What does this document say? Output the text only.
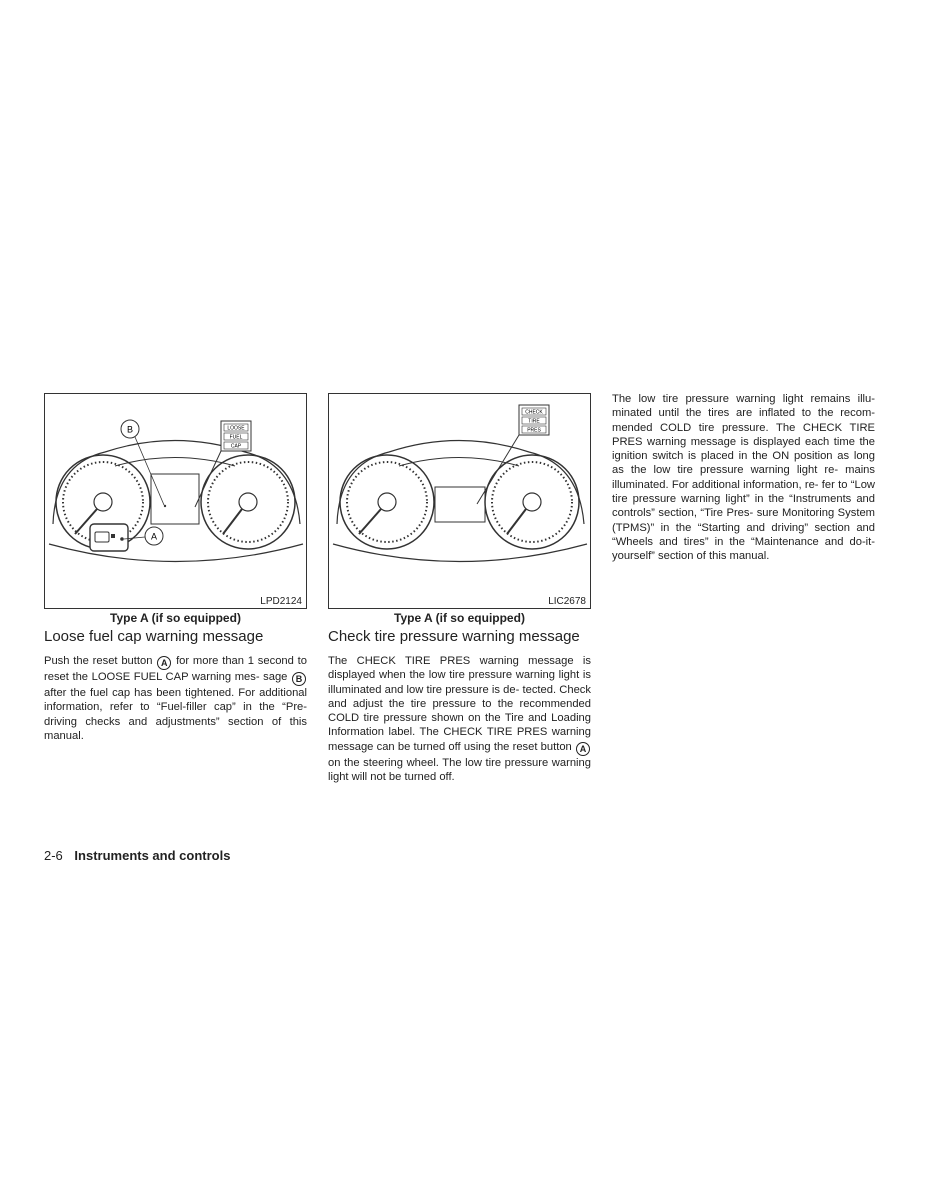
LOOSE
FUEL
CAP
B
A
LPD2124
Type A (if so equipped)
CHECK
TIRE
PRES
LIC2678
Type A (if so equipped)
Loose fuel cap warning message
Push the reset button A for more than 1 second to reset the LOOSE FUEL CAP warning mes- sage B after the fuel cap has been tightened. For additional information, refer to “Fuel-filler cap” in the “Pre-driving checks and adjustments” section of this manual.
Check tire pressure warning message
The CHECK TIRE PRES warning message is displayed when the low tire pressure warning light is illuminated and low tire pressure is de- tected. Check and adjust the tire pressure to the recommended COLD tire pressure shown on the Tire and Loading Information label. The CHECK TIRE PRES warning message can be turned off using the reset button A on the steering wheel. The low tire pressure warning light will not be turned off.
The low tire pressure warning light remains illu- minated until the tires are inflated to the recom- mended COLD tire pressure. The CHECK TIRE PRES warning message is displayed each time the ignition switch is placed in the ON position as long as the low tire pressure warning light re- mains illuminated. For additional information, re- fer to “Low tire pressure warning light” in the “Instruments and controls” section, “Tire Pres- sure Monitoring System (TPMS)” in the “Starting and driving” section and “Wheels and tires” in the “Maintenance and do-it-yourself” section of this manual.
2-6 Instruments and controls
